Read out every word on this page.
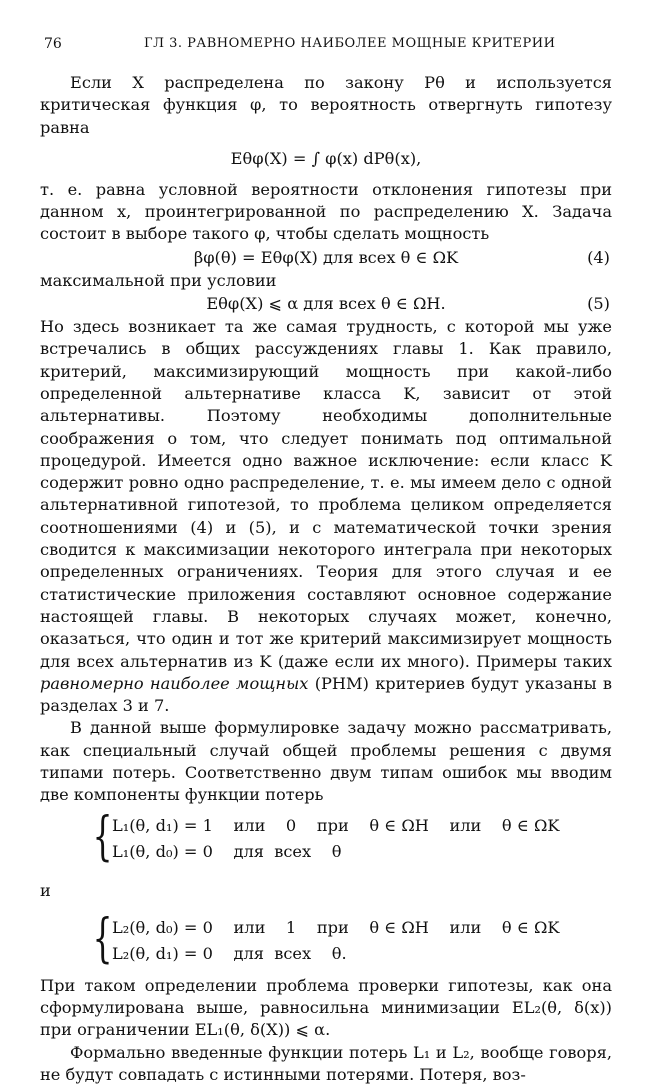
76	ГЛ 3. РАВНОМЕРНО НАИБОЛЕЕ МОЩНЫЕ КРИТЕРИИ

Если X распределена по закону Pθ и используется критическая функция φ, то вероятность отвергнуть гипотезу равна

Eθφ(X) = ∫ φ(x) dPθ(x),

т. е. равна условной вероятности отклонения гипотезы при данном x, проинтегрированной по распределению X. Задача состоит в выборе такого φ, чтобы сделать мощность

βφ(θ) = Eθφ(X) для всех θ ∈ ΩK	(4)

максимальной при условии

Eθφ(X) ⩽ α для всех θ ∈ ΩH.	(5)

Но здесь возникает та же самая трудность, с которой мы уже встречались в общих рассуждениях главы 1. Как правило, критерий, максимизирующий мощность при какой-либо определенной альтернативе класса K, зависит от этой альтернативы. Поэтому необходимы дополнительные соображения о том, что следует понимать под оптимальной процедурой. Имеется одно важное исключение: если класс K содержит ровно одно распределение, т. е. мы имеем дело с одной альтернативной гипотезой, то проблема целиком определяется соотношениями (4) и (5), и с математической точки зрения сводится к максимизации некоторого интеграла при некоторых определенных ограничениях. Теория для этого случая и ее статистические приложения составляют основное содержание настоящей главы. В некоторых случаях может, конечно, оказаться, что один и тот же критерий максимизирует мощность для всех альтернатив из K (даже если их много). Примеры таких равномерно наиболее мощных (РНМ) критериев будут указаны в разделах 3 и 7.

В данной выше формулировке задачу можно рассматривать, как специальный случай общей проблемы решения с двумя типами потерь. Соответственно двум типам ошибок мы вводим две компоненты функции потерь

{ L₁(θ, d₁) = 1    или    0    при    θ ∈ ΩH    или    θ ∈ ΩK
L₁(θ, d₀) = 0    для  всех    θ
и
{ L₂(θ, d₀) = 0    или    1    при    θ ∈ ΩH    или    θ ∈ ΩK
L₂(θ, d₁) = 0    для  всех    θ.

При таком определении проблема проверки гипотезы, как она сформулирована выше, равносильна минимизации EL₂(θ, δ(x)) при ограничении EL₁(θ, δ(X)) ⩽ α.

Формально введенные функции потерь L₁ и L₂, вообще говоря, не будут совпадать с истинными потерями. Потеря, воз-
